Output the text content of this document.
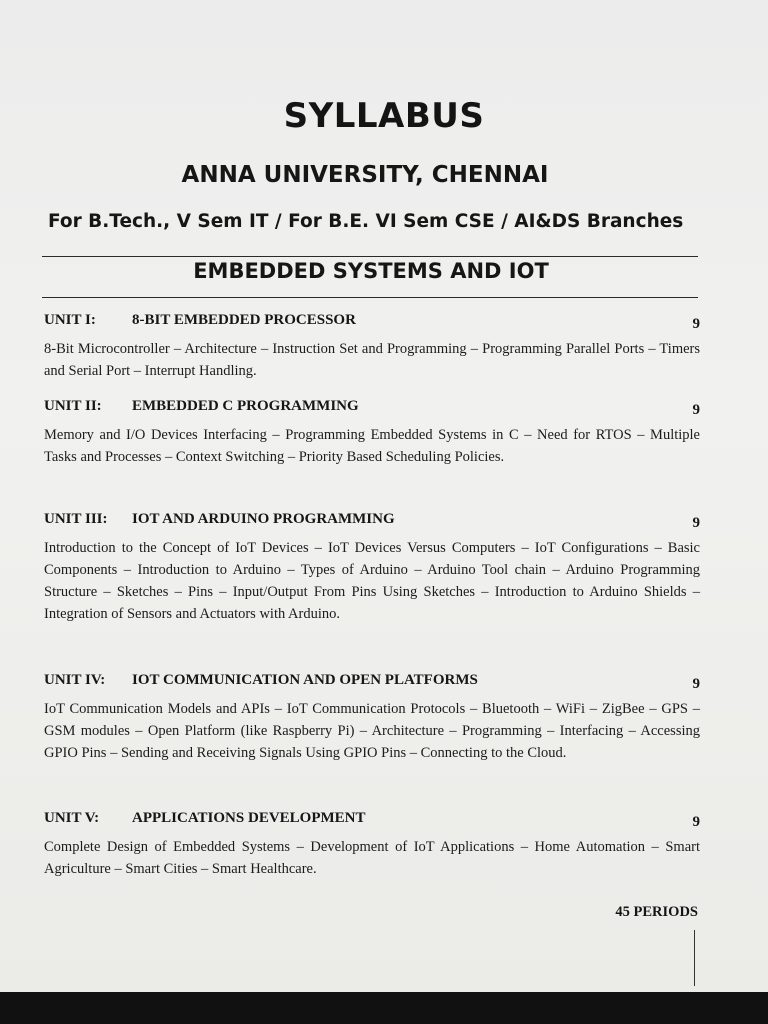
SYLLABUS
ANNA UNIVERSITY, CHENNAI
For B.Tech., V Sem IT / For B.E. VI Sem CSE / AI&DS Branches
EMBEDDED SYSTEMS AND IOT
UNIT I: 8-BIT EMBEDDED PROCESSOR	9
8-Bit Microcontroller – Architecture – Instruction Set and Programming – Programming Parallel Ports – Timers and Serial Port – Interrupt Handling.
UNIT II: EMBEDDED C PROGRAMMING	9
Memory and I/O Devices Interfacing – Programming Embedded Systems in C – Need for RTOS – Multiple Tasks and Processes – Context Switching – Priority Based Scheduling Policies.
UNIT III: IOT AND ARDUINO PROGRAMMING	9
Introduction to the Concept of IoT Devices – IoT Devices Versus Computers – IoT Configurations – Basic Components – Introduction to Arduino – Types of Arduino – Arduino Tool chain – Arduino Programming Structure – Sketches – Pins – Input/Output From Pins Using Sketches – Introduction to Arduino Shields – Integration of Sensors and Actuators with Arduino.
UNIT IV: IOT COMMUNICATION AND OPEN PLATFORMS	9
IoT Communication Models and APIs – IoT Communication Protocols – Bluetooth – WiFi – ZigBee – GPS – GSM modules – Open Platform (like Raspberry Pi) – Architecture – Programming – Interfacing – Accessing GPIO Pins – Sending and Receiving Signals Using GPIO Pins – Connecting to the Cloud.
UNIT V: APPLICATIONS DEVELOPMENT	9
Complete Design of Embedded Systems – Development of IoT Applications – Home Automation – Smart Agriculture – Smart Cities – Smart Healthcare.
45 PERIODS
